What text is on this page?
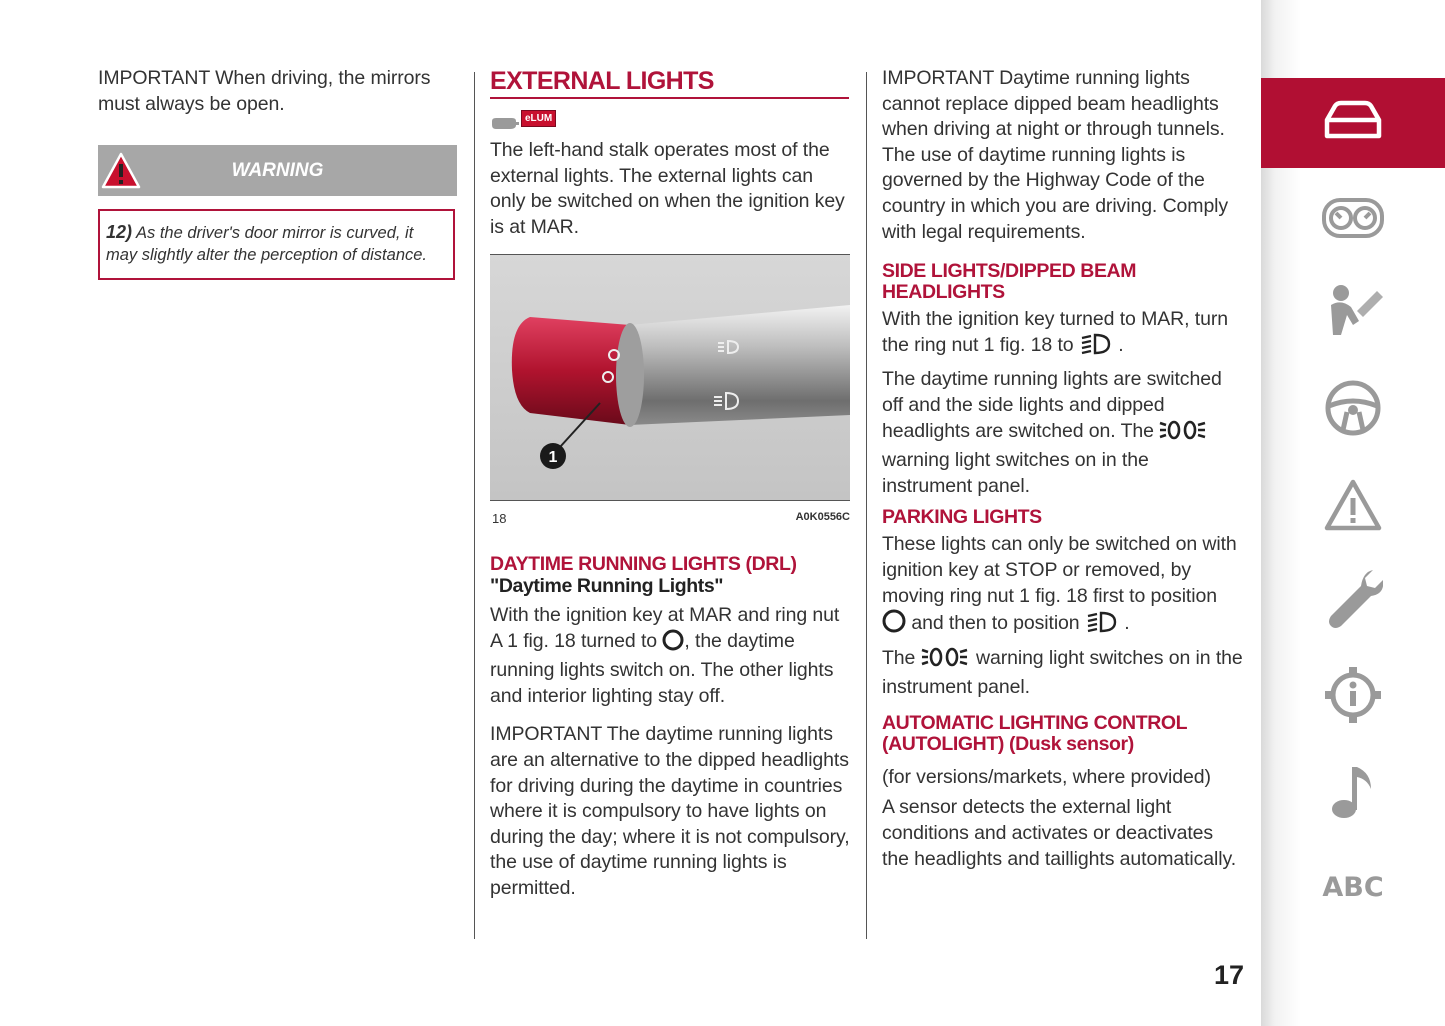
IMPORTANT When driving, the mirrors must always be open.

WARNING
12) As the driver's door mirror is curved, it may slightly alter the perception of distance.
EXTERNAL LIGHTS
eLUM

The left-hand stalk operates most of the external lights. The external lights can only be switched on when the ignition key is at MAR.

1
18	A0K0556C
DAYTIME RUNNING LIGHTS (DRL)
"Daytime Running Lights"

With the ignition key at MAR and ring nut A 1 fig. 18 turned to , the daytime running lights switch on. The other lights and interior lighting stay off.

IMPORTANT The daytime running lights are an alternative to the dipped headlights for driving during the daytime in countries where it is compulsory to have lights on during the day; where it is not compulsory, the use of daytime running lights is permitted.

IMPORTANT Daytime running lights cannot replace dipped beam headlights when driving at night or through tunnels. The use of daytime running lights is governed by the Highway Code of the country in which you are driving. Comply with legal requirements.

SIDE LIGHTS/DIPPED BEAM HEADLIGHTS

With the ignition key turned to MAR, turn the ring nut 1 fig. 18 to .

The daytime running lights are switched off and the side lights and dipped headlights are switched on. The  warning light switches on in the instrument panel.

PARKING LIGHTS

These lights can only be switched on with ignition key at STOP or removed, by moving ring nut 1 fig. 18 first to position  and then to position .

The	warning light switches on in the instrument panel.

AUTOMATIC LIGHTING CONTROL (AUTOLIGHT) (Dusk sensor)

(for versions/markets, where provided)

A sensor detects the external light conditions and activates or deactivates the headlights and taillights automatically.

17
ABC
